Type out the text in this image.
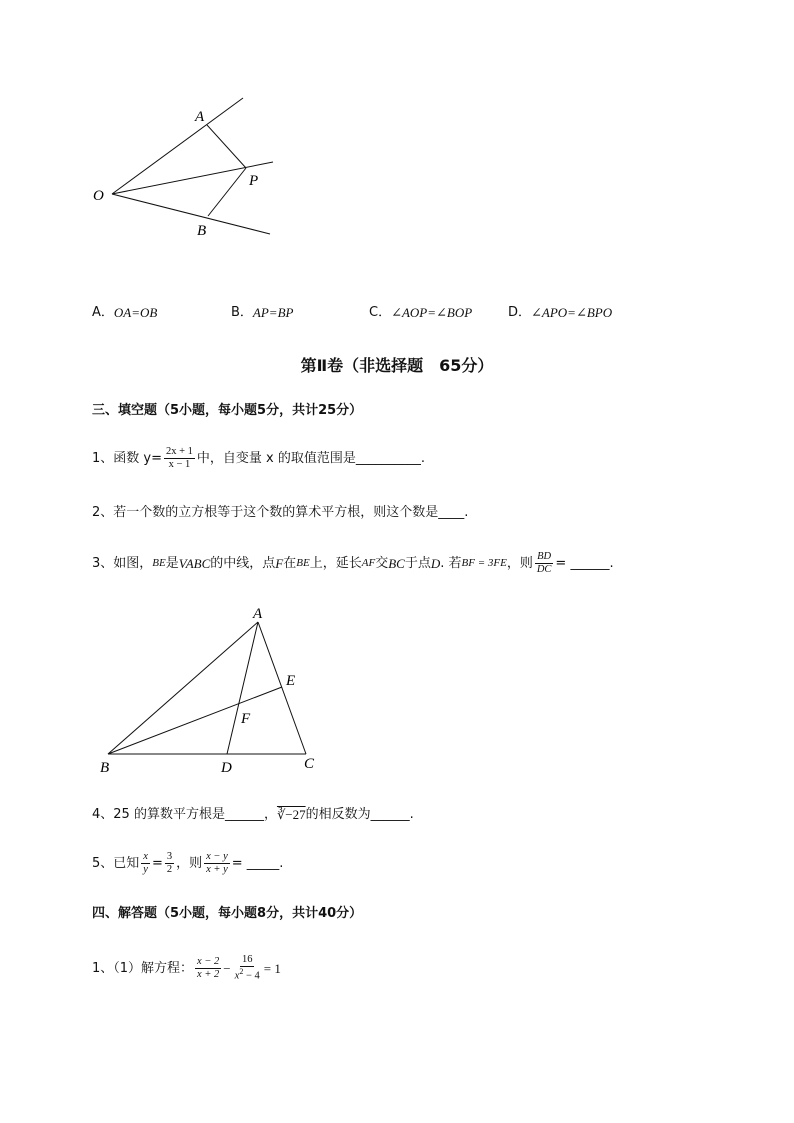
O
A
P
B
A． OA=OB	B． AP=BP	C． ∠AOP=∠BOP	D． ∠APO=∠BPO
第Ⅱ卷（非选择题　65分）
三、填空题（5小题，每小题5分，共计25分）
1、函数 $y= \frac{2x + 1}{x - 1}$ 中，自变量 x 的取值范围是__________.
2、若一个数的立方根等于这个数的算术平方根，则这个数是____.
3、如图， BE 是 VABC 的中线，点 F 在 BE 上，延长 AF 交 BC 于点 D . 若 BF = 3FE ，则 $\frac{BD}{DC}$ = ______.
A
E
F
B	D	C
4、25 的算数平方根是______， ∛−27 的相反数为______.
5、已知 $\frac{x}{y} = \frac{3}{2}$ ，则 $\frac{x - y}{x + y}$ = _____.
四、解答题（5小题，每小题8分，共计40分）
1、（1）解方程： $\frac{x - 2}{x + 2} - \frac{16}{x^2 - 4} = 1$
